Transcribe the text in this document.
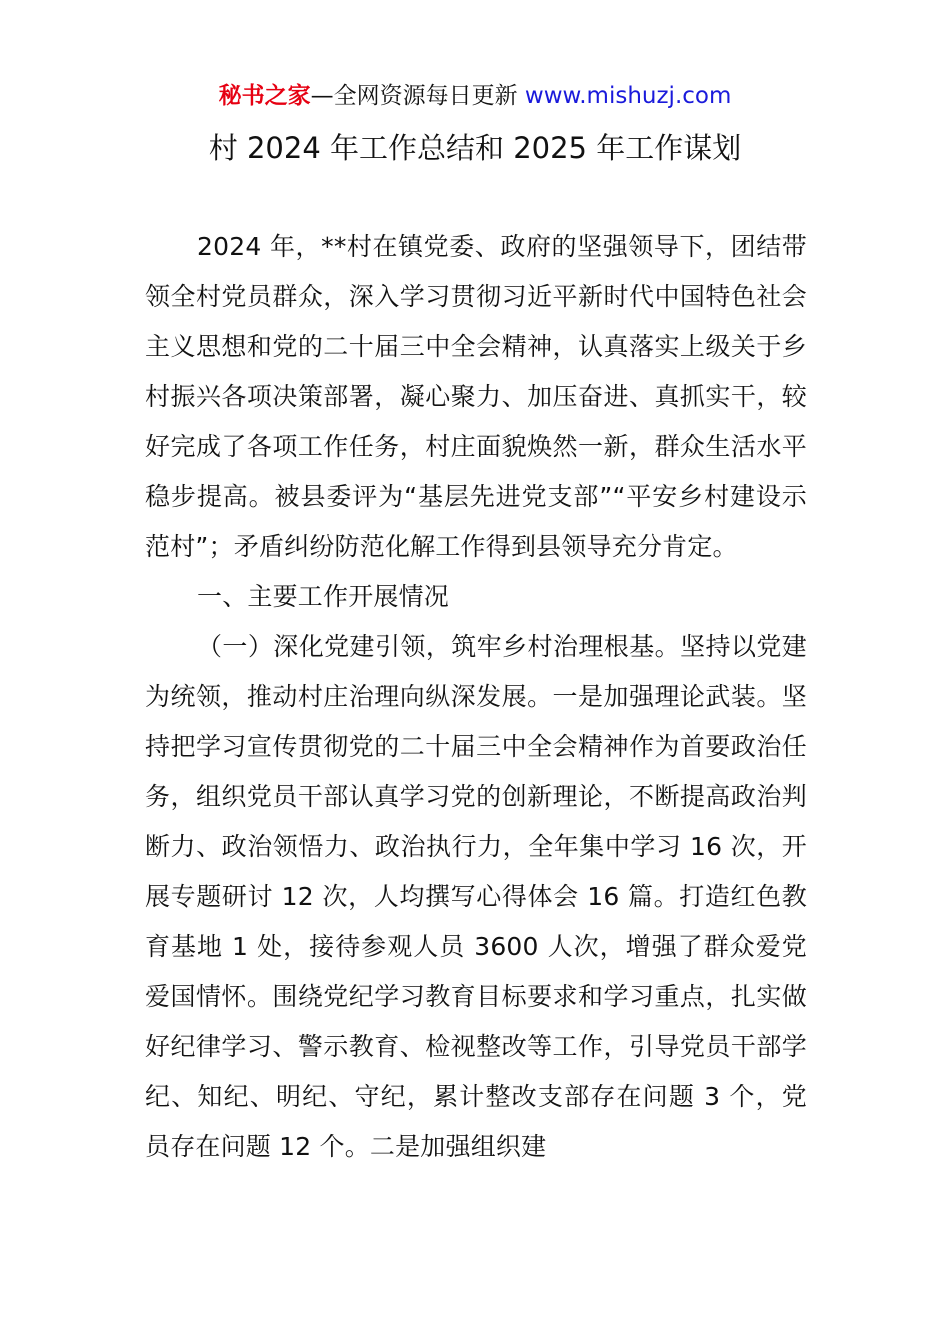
秘书之家—全网资源每日更新 www.mishuzj.com
村 2024 年工作总结和 2025 年工作谋划

2024 年，**村在镇党委、政府的坚强领导下，团结带领全村党员群众，深入学习贯彻习近平新时代中国特色社会主义思想和党的二十届三中全会精神，认真落实上级关于乡村振兴各项决策部署，凝心聚力、加压奋进、真抓实干，较好完成了各项工作任务，村庄面貌焕然一新，群众生活水平稳步提高。被县委评为“基层先进党支部”“平安乡村建设示范村”；矛盾纠纷防范化解工作得到县领导充分肯定。

一、主要工作开展情况

（一）深化党建引领，筑牢乡村治理根基。坚持以党建为统领，推动村庄治理向纵深发展。一是加强理论武装。坚持把学习宣传贯彻党的二十届三中全会精神作为首要政治任务，组织党员干部认真学习党的创新理论，不断提高政治判断力、政治领悟力、政治执行力，全年集中学习 16 次，开展专题研讨 12 次，人均撰写心得体会 16 篇。打造红色教育基地 1 处，接待参观人员 3600 人次，增强了群众爱党爱国情怀。围绕党纪学习教育目标要求和学习重点，扎实做好纪律学习、警示教育、检视整改等工作，引导党员干部学纪、知纪、明纪、守纪，累计整改支部存在问题 3 个，党员存在问题 12 个。二是加强组织建
